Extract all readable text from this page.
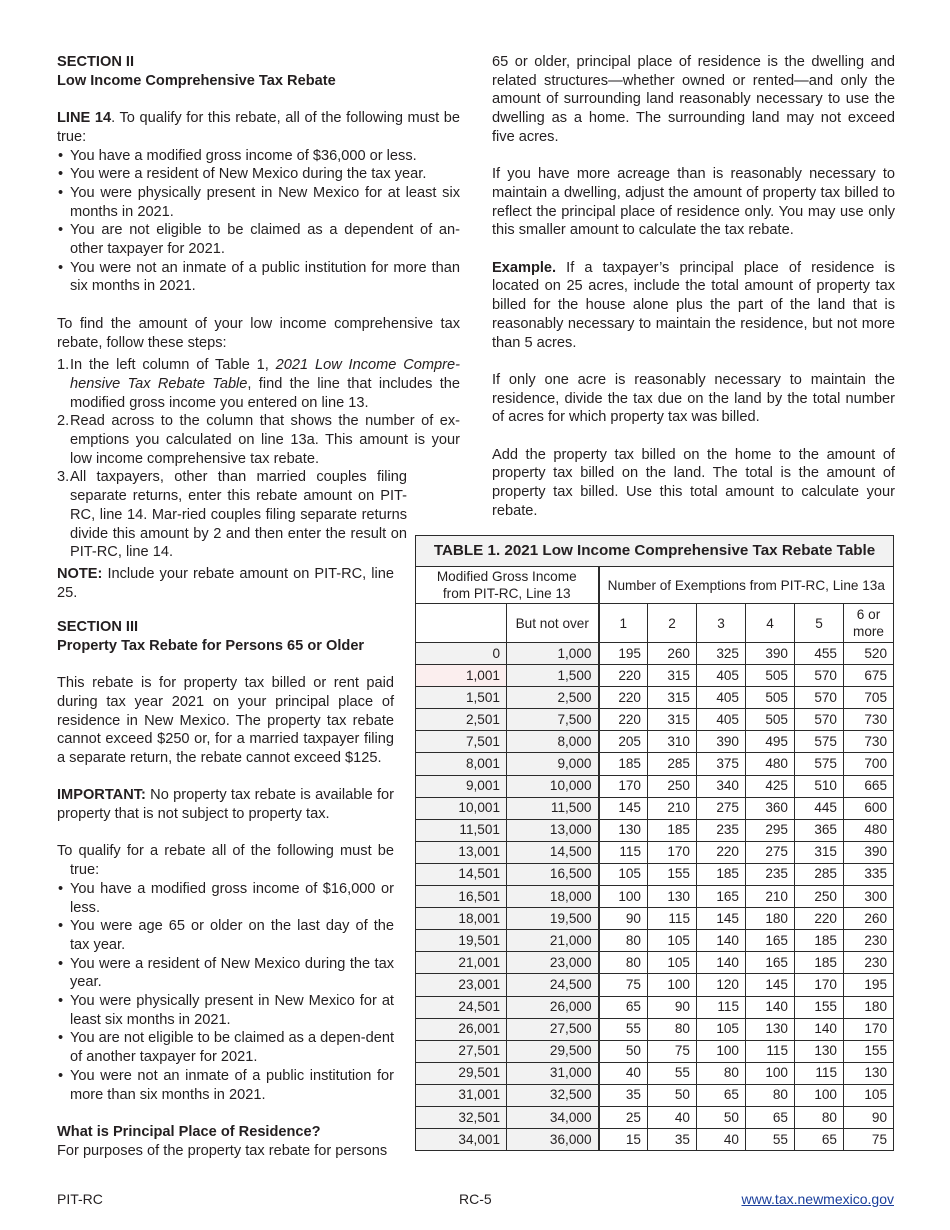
SECTION II
Low Income Comprehensive Tax Rebate

LINE 14. To qualify for this rebate, all of the following must be true:

• You have a modified gross income of $36,000 or less.
• You were a resident of New Mexico during the tax year.
• You were physically present in New Mexico for at least six months in 2021.
• You are not eligible to be claimed as a dependent of an-other taxpayer for 2021.
• You were not an inmate of a public institution for more than six months in 2021.

To find the amount of your low income comprehensive tax rebate, follow these steps:

1. In the left column of Table 1, 2021 Low Income Compre-hensive Tax Rebate Table, find the line that includes the modified gross income you entered on line 13.
2. Read across to the column that shows the number of ex-emptions you calculated on line 13a. This amount is your low income comprehensive tax rebate.
3. All taxpayers, other than married couples filing separate returns, enter this rebate amount on PIT-RC, line 14. Mar-ried couples filing separate returns divide this amount by 2 and then enter the result on PIT-RC, line 14.

NOTE: Include your rebate amount on PIT-RC, line 25.

SECTION III
Property Tax Rebate for Persons 65 or Older

This rebate is for property tax billed or rent paid during tax year 2021 on your principal place of residence in New Mexico. The property tax rebate cannot exceed $250 or, for a married taxpayer filing a separate return, the rebate cannot exceed $125.

IMPORTANT: No property tax rebate is available for property that is not subject to property tax.

To qualify for a rebate all of the following must be true:

• You have a modified gross income of $16,000 or less.
• You were age 65 or older on the last day of the tax year.
• You were a resident of New Mexico during the tax year.
• You were physically present in New Mexico for at least six months in 2021.
• You are not eligible to be claimed as a depen-dent of another taxpayer for 2021.
• You were not an inmate of a public institution for more than six months in 2021.
What is Principal Place of Residence?

For purposes of the property tax rebate for persons

65 or older, principal place of residence is the dwelling and related structures—whether owned or rented—and only the amount of surrounding land reasonably necessary to use the dwelling as a home. The surrounding land may not exceed five acres.

If you have more acreage than is reasonably necessary to maintain a dwelling, adjust the amount of property tax billed to reflect the principal place of residence only. You may use only this smaller amount to calculate the tax rebate.

Example. If a taxpayer’s principal place of residence is located on 25 acres, include the total amount of property tax billed for the house alone plus the part of the land that is reasonably necessary to maintain the residence, but not more than 5 acres.

If only one acre is reasonably necessary to maintain the residence, divide the tax due on the land by the total number of acres for which property tax was billed.

Add the property tax billed on the home to the amount of property tax billed on the land. The total is the amount of property tax billed. Use this total amount to calculate your rebate.

TABLE 1. 2021 Low Income Comprehensive Tax Rebate Table							
Modified Gross Income from PIT-RC, Line 13		Number of Exemptions from PIT-RC, Line 13a					
	But not over	1	2	3	4	5	6 or more
0	1,000	195	260	325	390	455	520
1,001	1,500	220	315	405	505	570	675
1,501	2,500	220	315	405	505	570	705
2,501	7,500	220	315	405	505	570	730
7,501	8,000	205	310	390	495	575	730
8,001	9,000	185	285	375	480	575	700
9,001	10,000	170	250	340	425	510	665
10,001	11,500	145	210	275	360	445	600
11,501	13,000	130	185	235	295	365	480
13,001	14,500	115	170	220	275	315	390
14,501	16,500	105	155	185	235	285	335
16,501	18,000	100	130	165	210	250	300
18,001	19,500	90	115	145	180	220	260
19,501	21,000	80	105	140	165	185	230
21,001	23,000	80	105	140	165	185	230
23,001	24,500	75	100	120	145	170	195
24,501	26,000	65	90	115	140	155	180
26,001	27,500	55	80	105	130	140	170
27,501	29,500	50	75	100	115	130	155
29,501	31,000	40	55	80	100	115	130
31,001	32,500	35	50	65	80	100	105
32,501	34,000	25	40	50	65	80	90
34,001	36,000	15	35	40	55	65	75
PIT-RC	RC-5	www.tax.newmexico.gov
